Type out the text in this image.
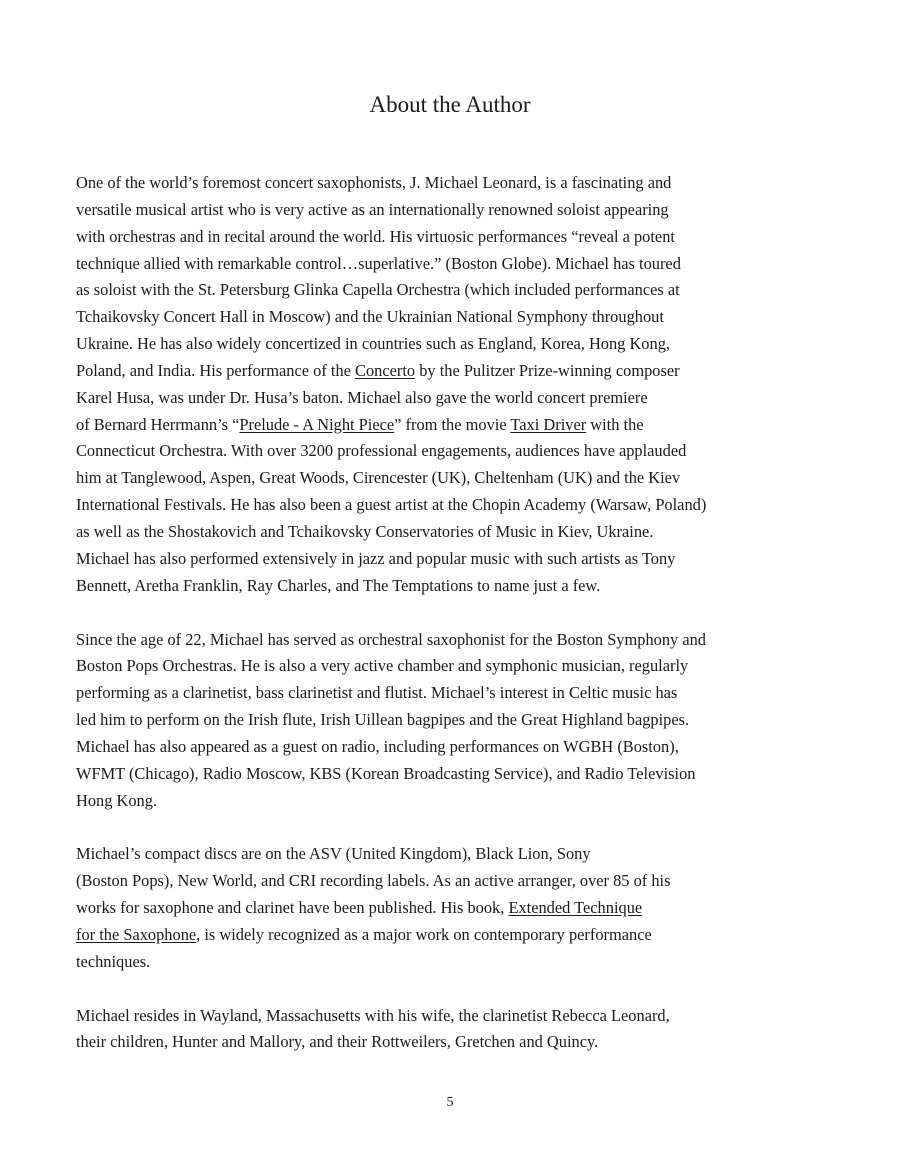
About the Author

One of the world’s foremost concert saxophonists, J. Michael Leonard, is a fascinating and
versatile musical artist who is very active as an internationally renowned soloist appearing
with orchestras and in recital around the world. His virtuosic performances “reveal a potent
technique allied with remarkable control…superlative.” (Boston Globe). Michael has toured
as soloist with the St. Petersburg Glinka Capella Orchestra (which included performances at
Tchaikovsky Concert Hall in Moscow) and the Ukrainian National Symphony throughout
Ukraine. He has also widely concertized in countries such as England, Korea, Hong Kong,
Poland, and India. His performance of the Concerto by the Pulitzer Prize-winning composer
Karel Husa, was under Dr. Husa’s baton. Michael also gave the world concert premiere
of Bernard Herrmann’s “Prelude - A Night Piece” from the movie Taxi Driver with the
Connecticut Orchestra. With over 3200 professional engagements, audiences have applauded
him at Tanglewood, Aspen, Great Woods, Cirencester (UK), Cheltenham (UK) and the Kiev
International Festivals. He has also been a guest artist at the Chopin Academy (Warsaw, Poland)
as well as the Shostakovich and Tchaikovsky Conservatories of Music in Kiev, Ukraine.
Michael has also performed extensively in jazz and popular music with such artists as Tony
Bennett, Aretha Franklin, Ray Charles, and The Temptations to name just a few.

Since the age of 22, Michael has served as orchestral saxophonist for the Boston Symphony and
Boston Pops Orchestras. He is also a very active chamber and symphonic musician, regularly
performing as a clarinetist, bass clarinetist and flutist. Michael’s interest in Celtic music has
led him to perform on the Irish flute, Irish Uillean bagpipes and the Great Highland bagpipes.
Michael has also appeared as a guest on radio, including performances on WGBH (Boston),
WFMT (Chicago), Radio Moscow, KBS (Korean Broadcasting Service), and Radio Television
Hong Kong.

Michael’s compact discs are on the ASV (United Kingdom), Black Lion, Sony
(Boston Pops), New World, and CRI recording labels. As an active arranger, over 85 of his
works for saxophone and clarinet have been published. His book, Extended Technique
for the Saxophone, is widely recognized as a major work on contemporary performance
techniques.

Michael resides in Wayland, Massachusetts with his wife, the clarinetist Rebecca Leonard,
their children, Hunter and Mallory, and their Rottweilers, Gretchen and Quincy.

5
